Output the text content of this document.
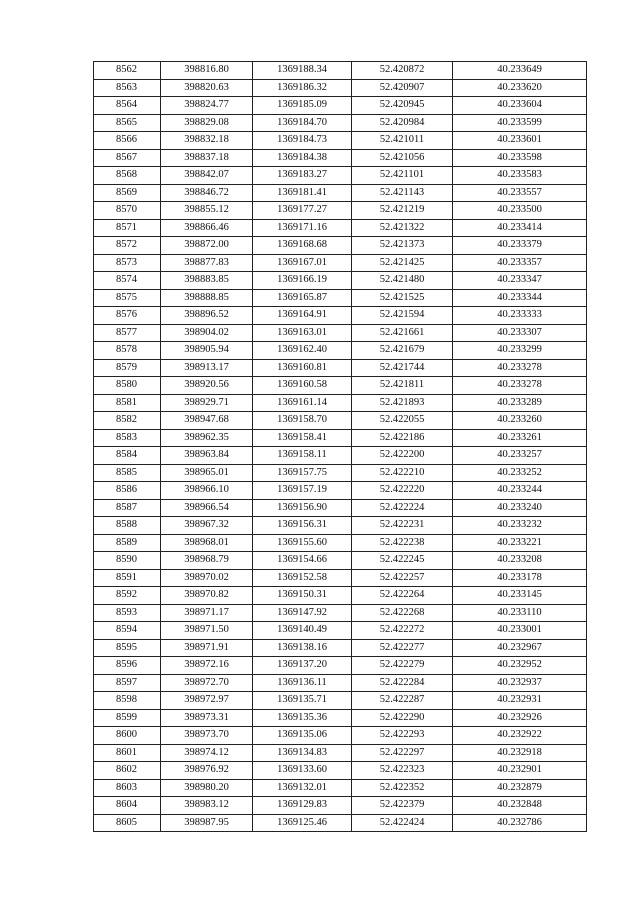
8562	398816.80	1369188.34	52.420872	40.233649
8563	398820.63	1369186.32	52.420907	40.233620
8564	398824.77	1369185.09	52.420945	40.233604
8565	398829.08	1369184.70	52.420984	40.233599
8566	398832.18	1369184.73	52.421011	40.233601
8567	398837.18	1369184.38	52.421056	40.233598
8568	398842.07	1369183.27	52.421101	40.233583
8569	398846.72	1369181.41	52.421143	40.233557
8570	398855.12	1369177.27	52.421219	40.233500
8571	398866.46	1369171.16	52.421322	40.233414
8572	398872.00	1369168.68	52.421373	40.233379
8573	398877.83	1369167.01	52.421425	40.233357
8574	398883.85	1369166.19	52.421480	40.233347
8575	398888.85	1369165.87	52.421525	40.233344
8576	398896.52	1369164.91	52.421594	40.233333
8577	398904.02	1369163.01	52.421661	40.233307
8578	398905.94	1369162.40	52.421679	40.233299
8579	398913.17	1369160.81	52.421744	40.233278
8580	398920.56	1369160.58	52.421811	40.233278
8581	398929.71	1369161.14	52.421893	40.233289
8582	398947.68	1369158.70	52.422055	40.233260
8583	398962.35	1369158.41	52.422186	40.233261
8584	398963.84	1369158.11	52.422200	40.233257
8585	398965.01	1369157.75	52.422210	40.233252
8586	398966.10	1369157.19	52.422220	40.233244
8587	398966.54	1369156.90	52.422224	40.233240
8588	398967.32	1369156.31	52.422231	40.233232
8589	398968.01	1369155.60	52.422238	40.233221
8590	398968.79	1369154.66	52.422245	40.233208
8591	398970.02	1369152.58	52.422257	40.233178
8592	398970.82	1369150.31	52.422264	40.233145
8593	398971.17	1369147.92	52.422268	40.233110
8594	398971.50	1369140.49	52.422272	40.233001
8595	398971.91	1369138.16	52.422277	40.232967
8596	398972.16	1369137.20	52.422279	40.232952
8597	398972.70	1369136.11	52.422284	40.232937
8598	398972.97	1369135.71	52.422287	40.232931
8599	398973.31	1369135.36	52.422290	40.232926
8600	398973.70	1369135.06	52.422293	40.232922
8601	398974.12	1369134.83	52.422297	40.232918
8602	398976.92	1369133.60	52.422323	40.232901
8603	398980.20	1369132.01	52.422352	40.232879
8604	398983.12	1369129.83	52.422379	40.232848
8605	398987.95	1369125.46	52.422424	40.232786
